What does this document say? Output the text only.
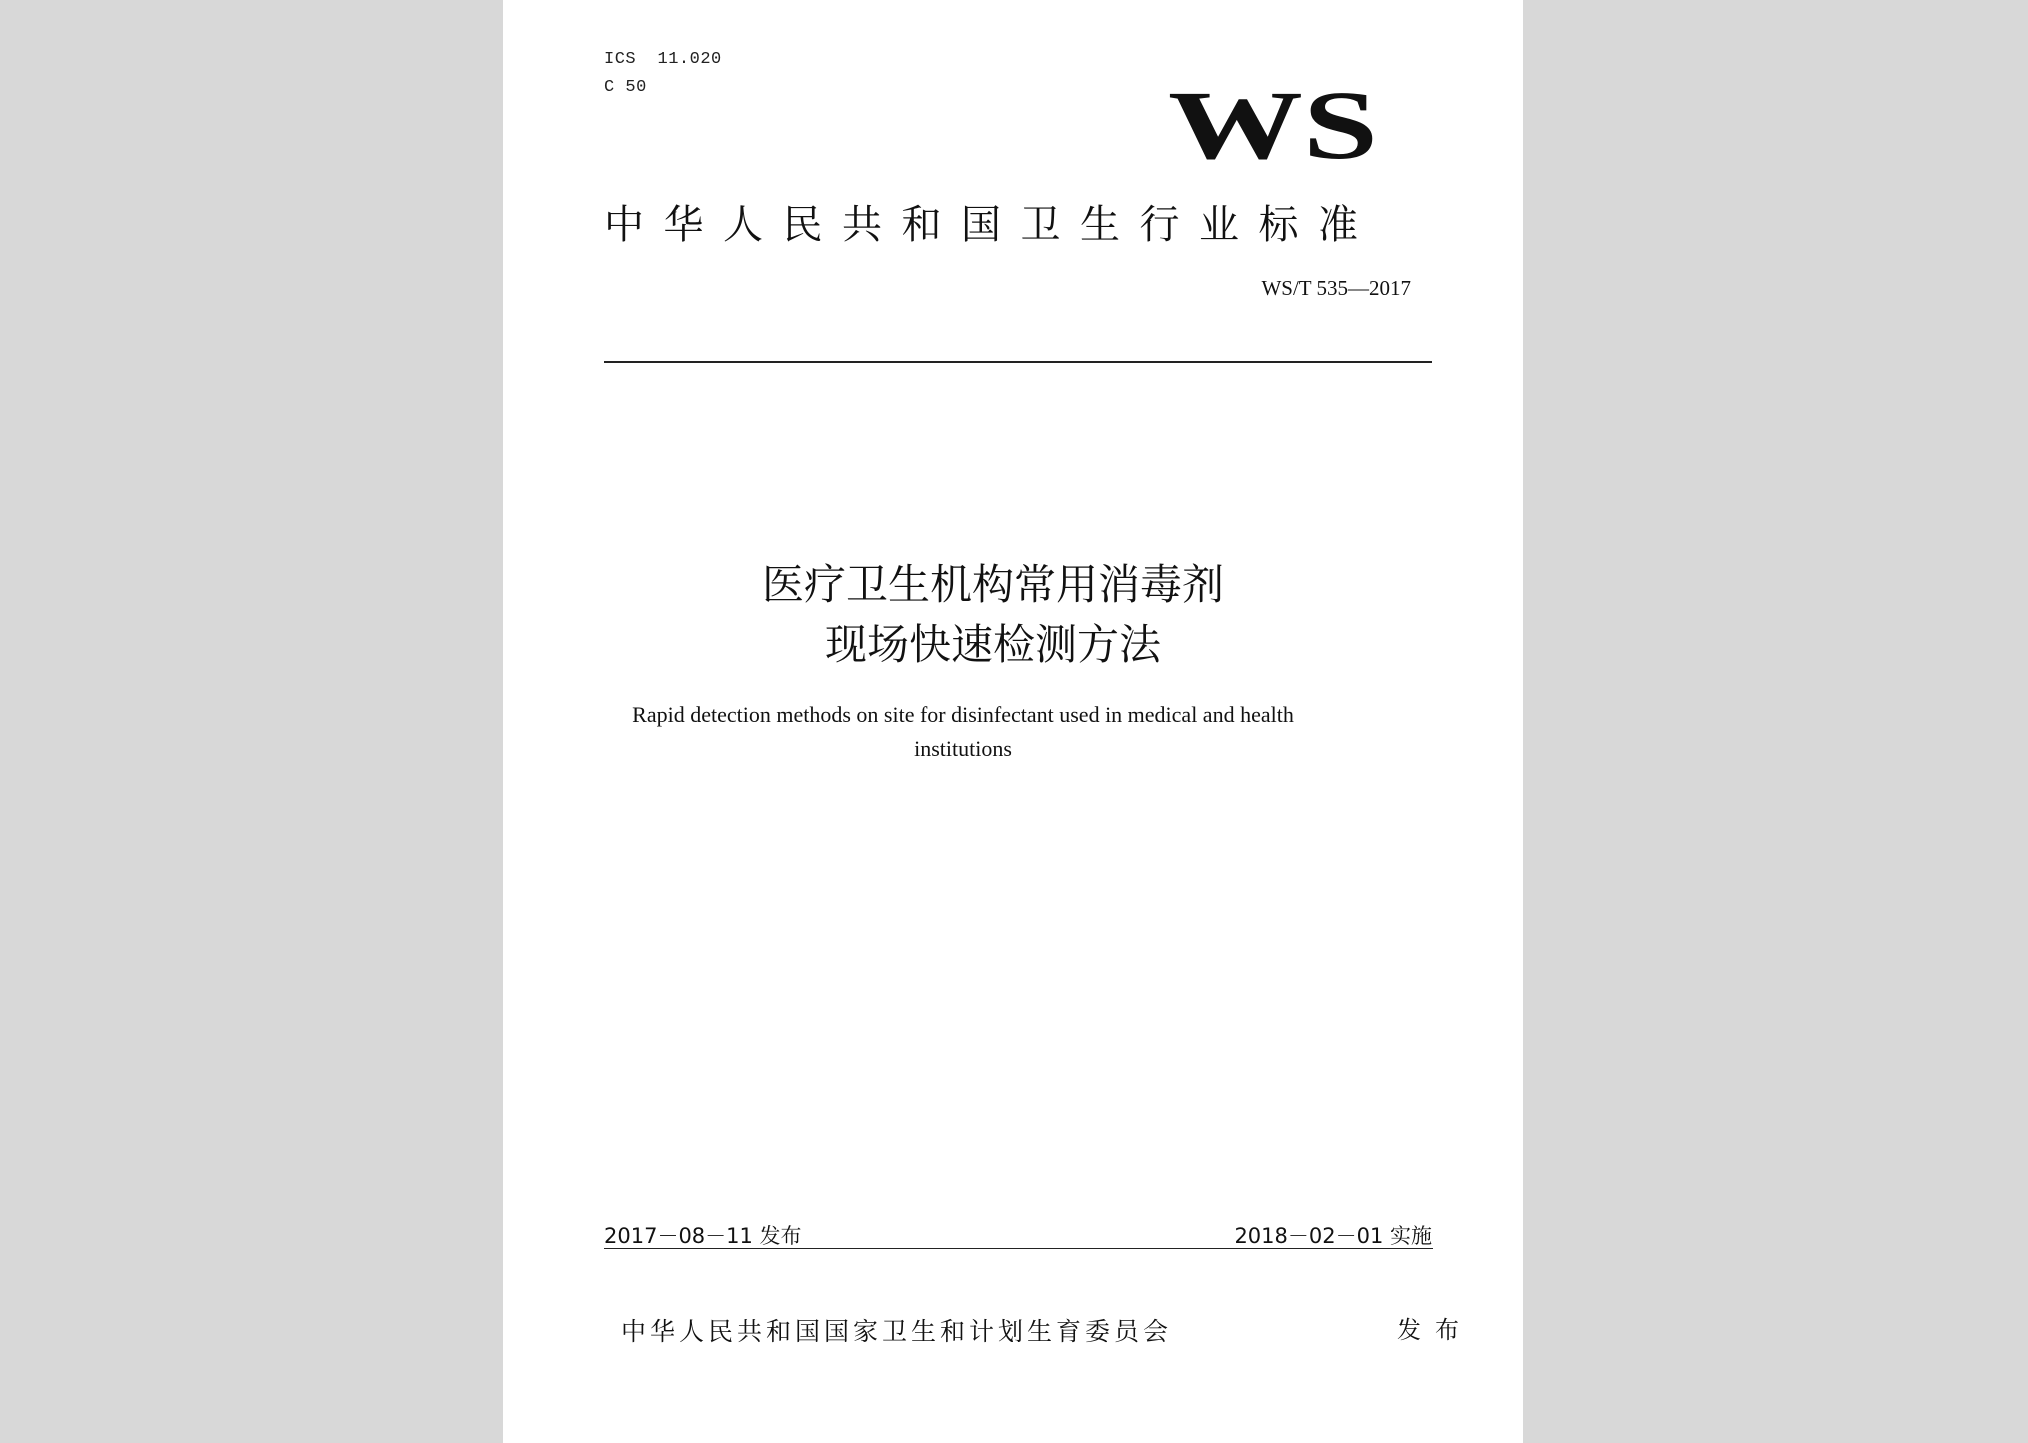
ICS  11.020
C 50	WS
中华人民共和国卫生行业标准
WS/T 535—2017
医疗卫生机构常用消毒剂
现场快速检测方法
Rapid detection methods on site for disinfectant used in medical and health institutions
2017－08－11 发布	2018－02－01 实施
中华人民共和国国家卫生和计划生育委员会	发布
